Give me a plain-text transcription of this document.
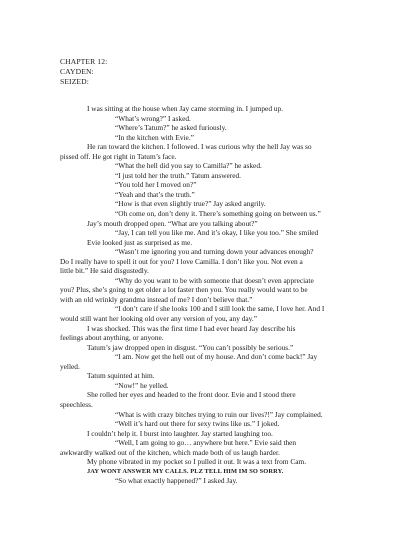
CHAPTER 12:
CAYDEN:
SEIZED:
I was sitting at the house when Jay came storming in. I jumped up.
“What’s wrong?” I asked.
“Where’s Tatum?” he asked furiously.
“In the kitchen with Evie.”
He ran toward the kitchen. I followed. I was curious why the hell Jay was so
pissed off. He got right in Tatum’s face.
“What the hell did you say to Camilla?” he asked.
“I just told her the truth.” Tatum answered.
“You told her I moved on?”
“Yeah and that’s the truth.”
“How is that even slightly true?” Jay asked angrily.
“Oh come on, don’t deny it. There’s something going on between us.”
Jay’s mouth dropped open. “What are you talking about?”
“Jay, I can tell you like me. And it’s okay, I like you too.” She smiled
Evie looked just as surprised as me.
“Wasn’t me ignoring you and turning down your advances enough?
Do I really have to spell it out for you? I love Camilla. I don’t like you. Not even a
little bit.” He said disgustedly.
“Why do you want to be with someone that doesn’t even appreciate
you? Plus, she’s going to get older a lot faster then you. You really would want to be
with an old wrinkly grandma instead of me? I don’t believe that.”
“I don’t care if she looks 100 and I still look the same, I love her. And I
would still want her looking old over any version of you, any day.”
I was shocked. This was the first time I had ever heard Jay describe his
feelings about anything, or anyone.
Tatum’s jaw dropped open in disgust. “You can’t possibly be serious.”
“I am. Now get the hell out of my house. And don’t come back!” Jay
yelled.
Tatum squinted at him.
“Now!” he yelled.
She rolled her eyes and headed to the front door. Evie and I stood there
speechless.
“What is with crazy bitches trying to ruin our lives?!” Jay complained.
“Well it’s hard out there for sexy twins like us.” I joked.
I couldn’t help it. I burst into laughter. Jay started laughing too.
“Well, I am going to go… anywhere but here.” Evie said then
awkwardly walked out of the kitchen, which made both of us laugh harder.
My phone vibrated in my pocket so I pulled it out. It was a text from Cam.
JAY WONT ANSWER MY CALLS. PLZ TELL HIM IM SO SORRY.
“So what exactly happened?” I asked Jay.
